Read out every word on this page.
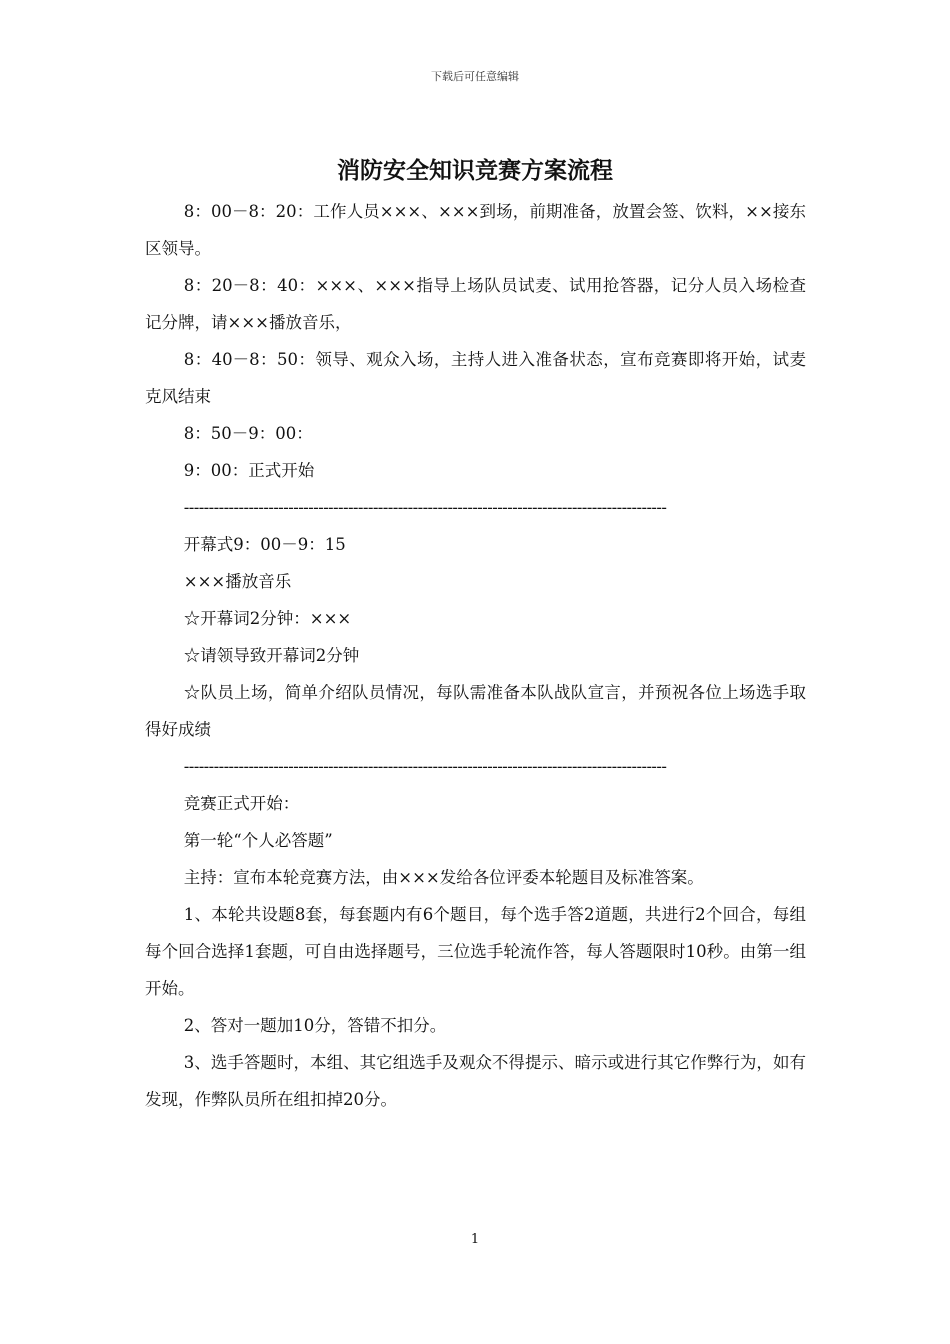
下载后可任意编辑
消防安全知识竞赛方案流程

8：00－8：20：工作人员×××、×××到场，前期准备，放置会签、饮料，××接东区领导。

8：20－8：40：×××、×××指导上场队员试麦、试用抢答器，记分人员入场检查记分牌，请×××播放音乐，

8：40－8：50：领导、观众入场，主持人进入准备状态，宣布竞赛即将开始，试麦克风结束

8：50－9：00：

9：00：正式开始

-------------------------------------------------------------------------------------------------

开幕式9：00－9：15

×××播放音乐

☆开幕词2分钟：×××

☆请领导致开幕词2分钟

☆队员上场，简单介绍队员情况，每队需准备本队战队宣言，并预祝各位上场选手取得好成绩

-------------------------------------------------------------------------------------------------

竞赛正式开始：

第一轮“个人必答题”

主持：宣布本轮竞赛方法，由×××发给各位评委本轮题目及标准答案。

1、本轮共设题8套，每套题内有6个题目，每个选手答2道题，共进行2个回合，每组每个回合选择1套题，可自由选择题号，三位选手轮流作答，每人答题限时10秒。由第一组开始。

2、答对一题加10分，答错不扣分。

3、选手答题时，本组、其它组选手及观众不得提示、暗示或进行其它作弊行为，如有发现，作弊队员所在组扣掉20分。

1
